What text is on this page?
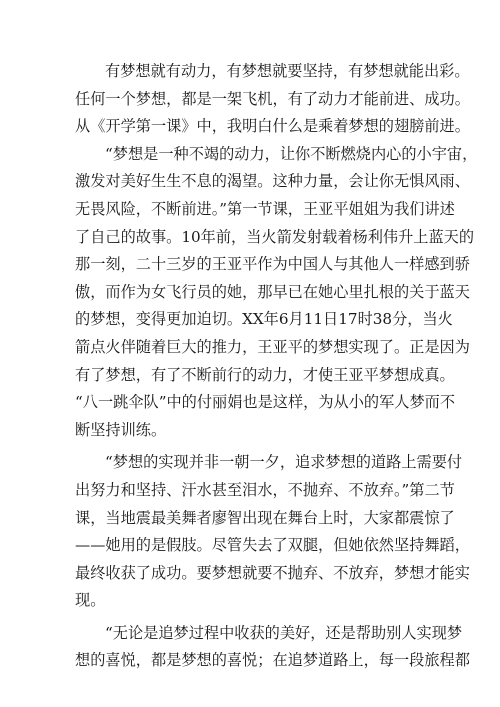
有梦想就有动力，有梦想就要坚持，有梦想就能出彩。
任何一个梦想，都是一架飞机，有了动力才能前进、成功。
从《开学第一课》中，我明白什么是乘着梦想的翅膀前进。
“梦想是一种不竭的动力，让你不断燃烧内心的小宇宙，
激发对美好生生不息的渴望。这种力量，会让你无惧风雨、
无畏风险，不断前进。”第一节课，王亚平姐姐为我们讲述
了自己的故事。10年前，当火箭发射载着杨利伟升上蓝天的
那一刻，二十三岁的王亚平作为中国人与其他人一样感到骄
傲，而作为女飞行员的她，那早已在她心里扎根的关于蓝天
的梦想，变得更加迫切。XX年6月11日17时38分，当火
箭点火伴随着巨大的推力，王亚平的梦想实现了。正是因为
有了梦想，有了不断前行的动力，才使王亚平梦想成真。
“八一跳伞队”中的付丽娟也是这样，为从小的军人梦而不
断坚持训练。
“梦想的实现并非一朝一夕，追求梦想的道路上需要付
出努力和坚持、汗水甚至泪水，不抛弃、不放弃。”第二节
课，当地震最美舞者廖智出现在舞台上时，大家都震惊了
——她用的是假肢。尽管失去了双腿，但她依然坚持舞蹈，
最终收获了成功。要梦想就要不抛弃、不放弃，梦想才能实
现。
“无论是追梦过程中收获的美好，还是帮助别人实现梦
想的喜悦，都是梦想的喜悦；在追梦道路上，每一段旅程都
